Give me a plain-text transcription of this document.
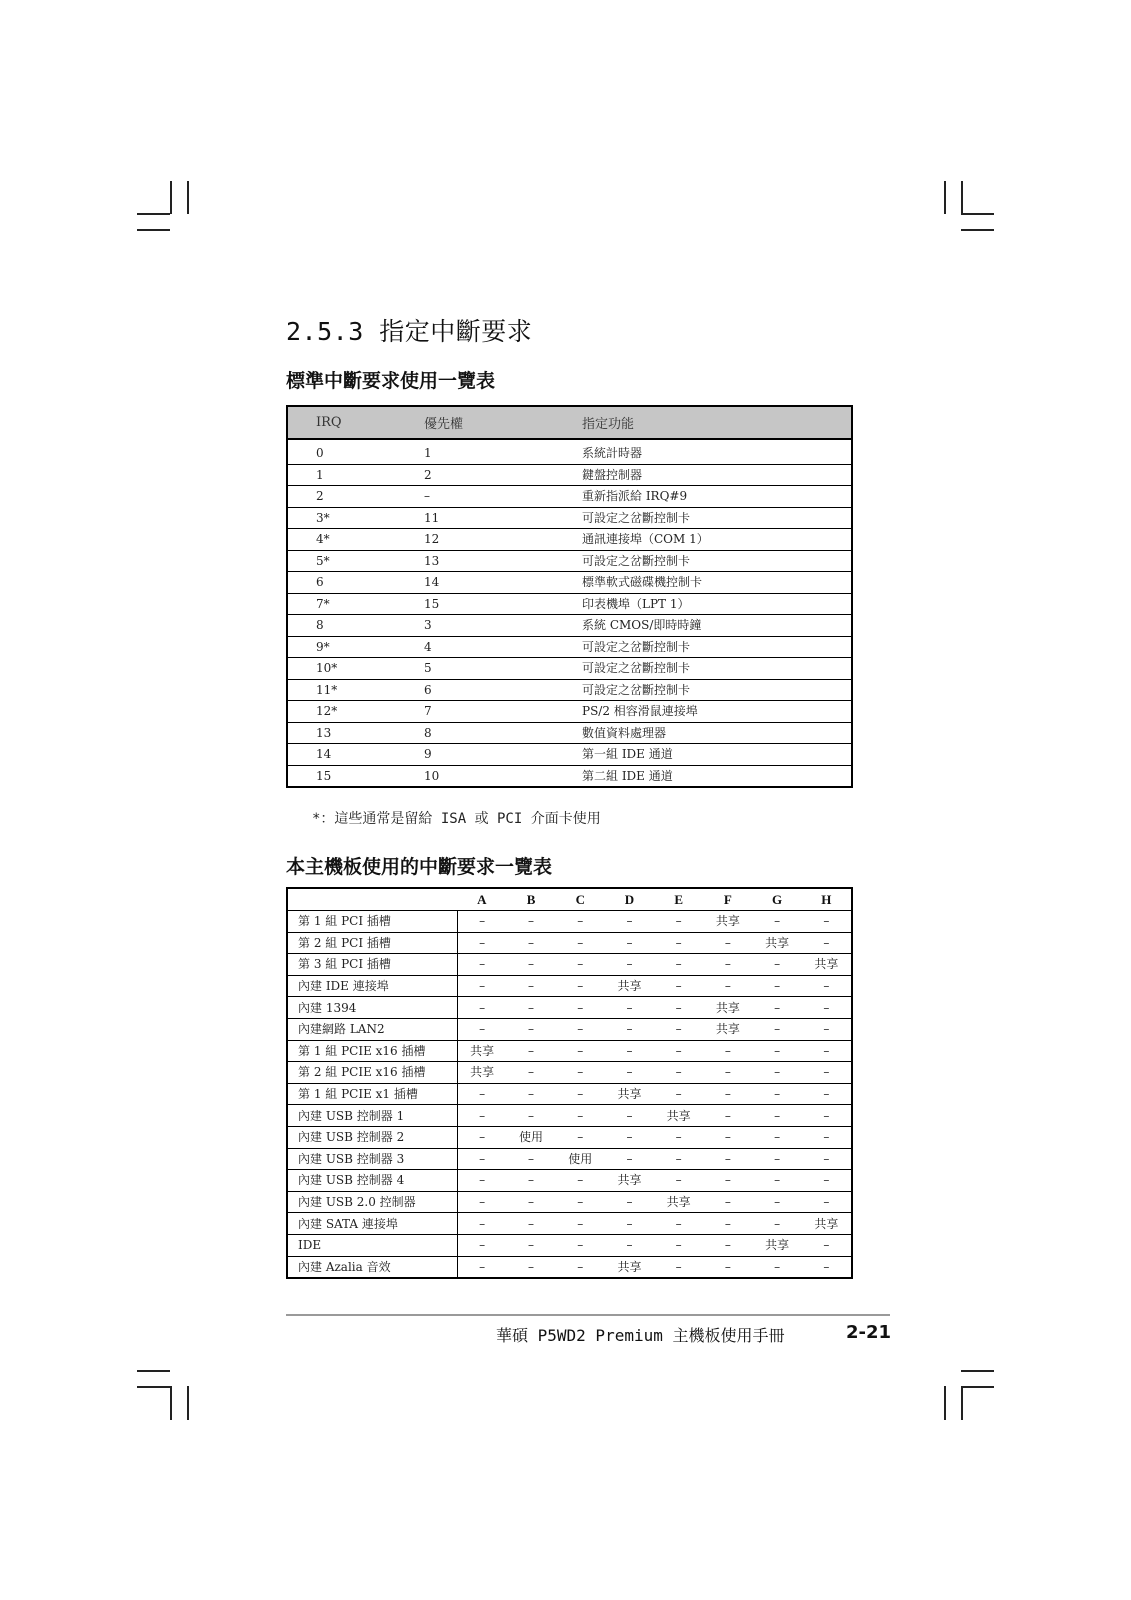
2.5.3 指定中斷要求
標準中斷要求使用一覽表
IRQ	優先權	指定功能
0	1	系統計時器
1	2	鍵盤控制器
2	–	重新指派給 IRQ#9
3*	11	可設定之岔斷控制卡
4*	12	通訊連接埠（COM 1）
5*	13	可設定之岔斷控制卡
6	14	標準軟式磁碟機控制卡
7*	15	印表機埠（LPT 1）
8	3	系統 CMOS/即時時鐘
9*	4	可設定之岔斷控制卡
10*	5	可設定之岔斷控制卡
11*	6	可設定之岔斷控制卡
12*	7	PS/2 相容滑鼠連接埠
13	8	數值資料處理器
14	9	第一組 IDE 通道
15	10	第二組 IDE 通道
*：這些通常是留給 ISA 或 PCI 介面卡使用
本主機板使用的中斷要求一覽表
	A	B	C	D	E	F	G	H
第 1 組 PCI 插槽	–	–	–	–	–	共享	–	–
第 2 組 PCI 插槽	–	–	–	–	–	–	共享	–
第 3 組 PCI 插槽	–	–	–	–	–	–	–	共享
內建 IDE 連接埠	–	–	–	共享	–	–	–	–
內建 1394	–	–	–	–	–	共享	–	–
內建網路 LAN2	–	–	–	–	–	共享	–	–
第 1 組 PCIE x16 插槽	共享	–	–	–	–	–	–	–
第 2 組 PCIE x16 插槽	共享	–	–	–	–	–	–	–
第 1 組 PCIE x1 插槽	–	–	–	共享	–	–	–	–
內建 USB 控制器 1	–	–	–	–	共享	–	–	–
內建 USB 控制器 2	–	使用	–	–	–	–	–	–
內建 USB 控制器 3	–	–	使用	–	–	–	–	–
內建 USB 控制器 4	–	–	–	共享	–	–	–	–
內建 USB 2.0 控制器	–	–	–	–	共享	–	–	–
內建 SATA 連接埠	–	–	–	–	–	–	–	共享
IDE	–	–	–	–	–	–	共享	–
內建 Azalia 音效	–	–	–	共享	–	–	–	–
華碩 P5WD2 Premium 主機板使用手冊	2-21
